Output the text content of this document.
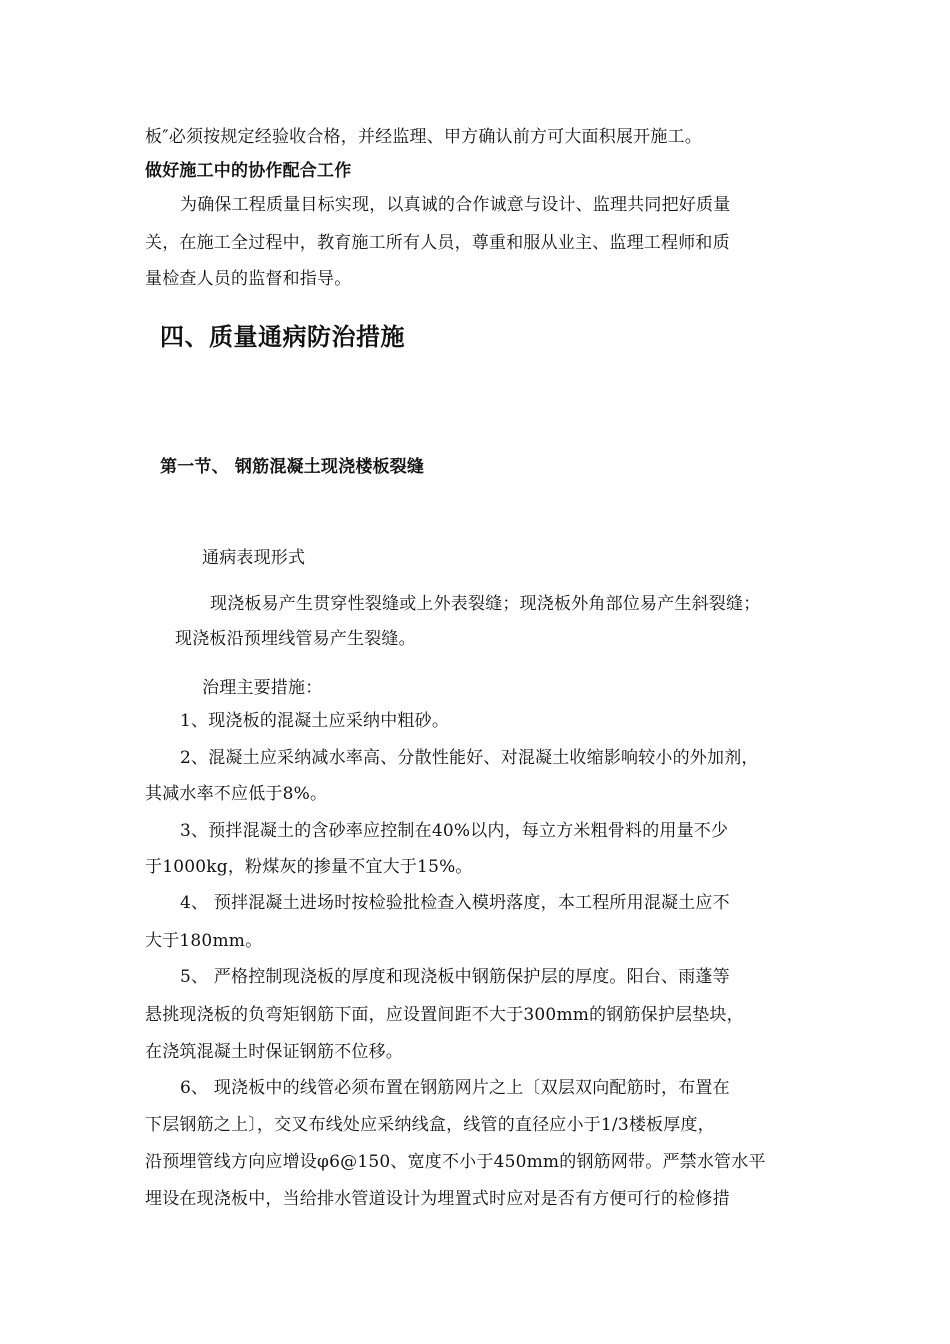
板″必须按规定经验收合格，并经监理、甲方确认前方可大面积展开施工。
做好施工中的协作配合工作
为确保工程质量目标实现，以真诚的合作诚意与设计、监理共同把好质量
关，在施工全过程中，教育施工所有人员，尊重和服从业主、监理工程师和质
量检查人员的监督和指导。
四、质量通病防治措施
第一节、 钢筋混凝土现浇楼板裂缝
通病表现形式
现浇板易产生贯穿性裂缝或上外表裂缝；现浇板外角部位易产生斜裂缝；
现浇板沿预埋线管易产生裂缝。
治理主要措施：
1、现浇板的混凝土应采纳中粗砂。
2、混凝土应采纳减水率高、分散性能好、对混凝土收缩影响较小的外加剂，
其减水率不应低于8%。
3、预拌混凝土的含砂率应控制在40%以内，每立方米粗骨料的用量不少
于1000kg，粉煤灰的掺量不宜大于15%。
4、 预拌混凝土进场时按检验批检查入模坍落度，本工程所用混凝土应不
大于180mm。
5、 严格控制现浇板的厚度和现浇板中钢筋保护层的厚度。阳台、雨蓬等
悬挑现浇板的负弯矩钢筋下面，应设置间距不大于300mm的钢筋保护层垫块，
在浇筑混凝土时保证钢筋不位移。
6、 现浇板中的线管必须布置在钢筋网片之上〔双层双向配筋时，布置在
下层钢筋之上〕，交叉布线处应采纳线盒，线管的直径应小于1/3楼板厚度，
沿预埋管线方向应增设φ6@150、宽度不小于450mm的钢筋网带。严禁水管水平
埋设在现浇板中，当给排水管道设计为埋置式时应对是否有方便可行的检修措
